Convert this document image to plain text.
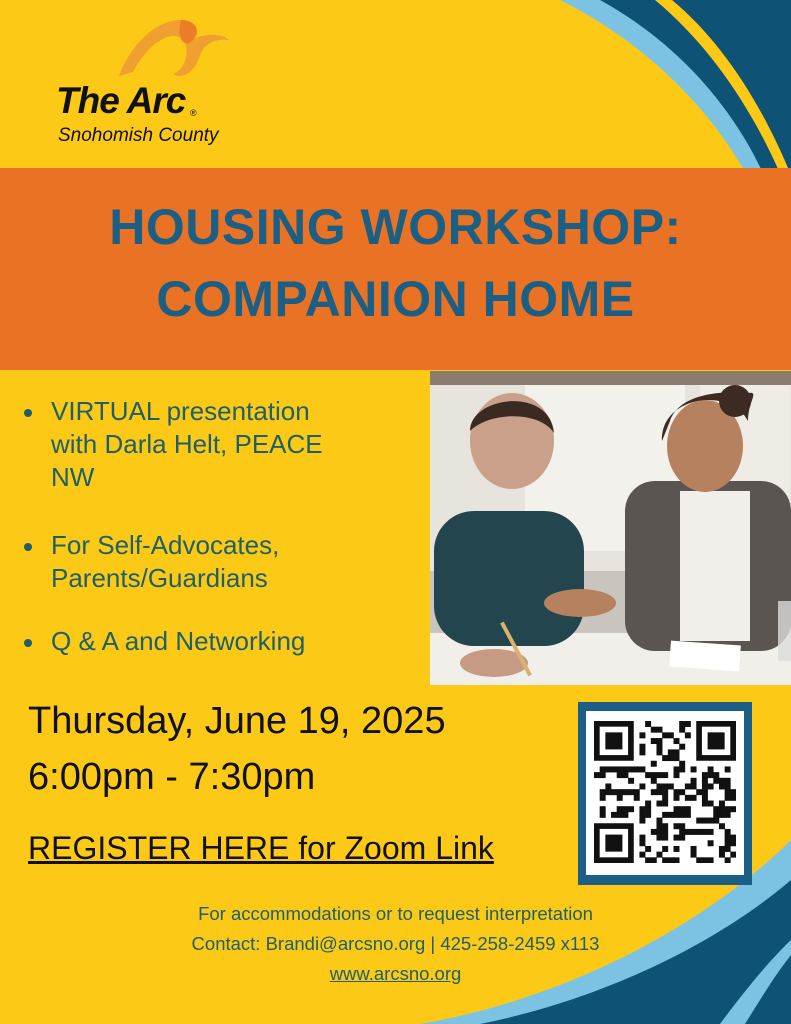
The Arc ®
Snohomish County
HOUSING WORKSHOP:
COMPANION HOME
VIRTUAL presentation
with Darla Helt, PEACE
NW
For Self-Advocates,
Parents/Guardians
Q & A and Networking
Thursday, June 19, 2025
6:00pm - 7:30pm
REGISTER HERE for Zoom Link
For accommodations or to request interpretation
Contact: Brandi@arcsno.org | 425-258-2459 x113
www.arcsno.org
